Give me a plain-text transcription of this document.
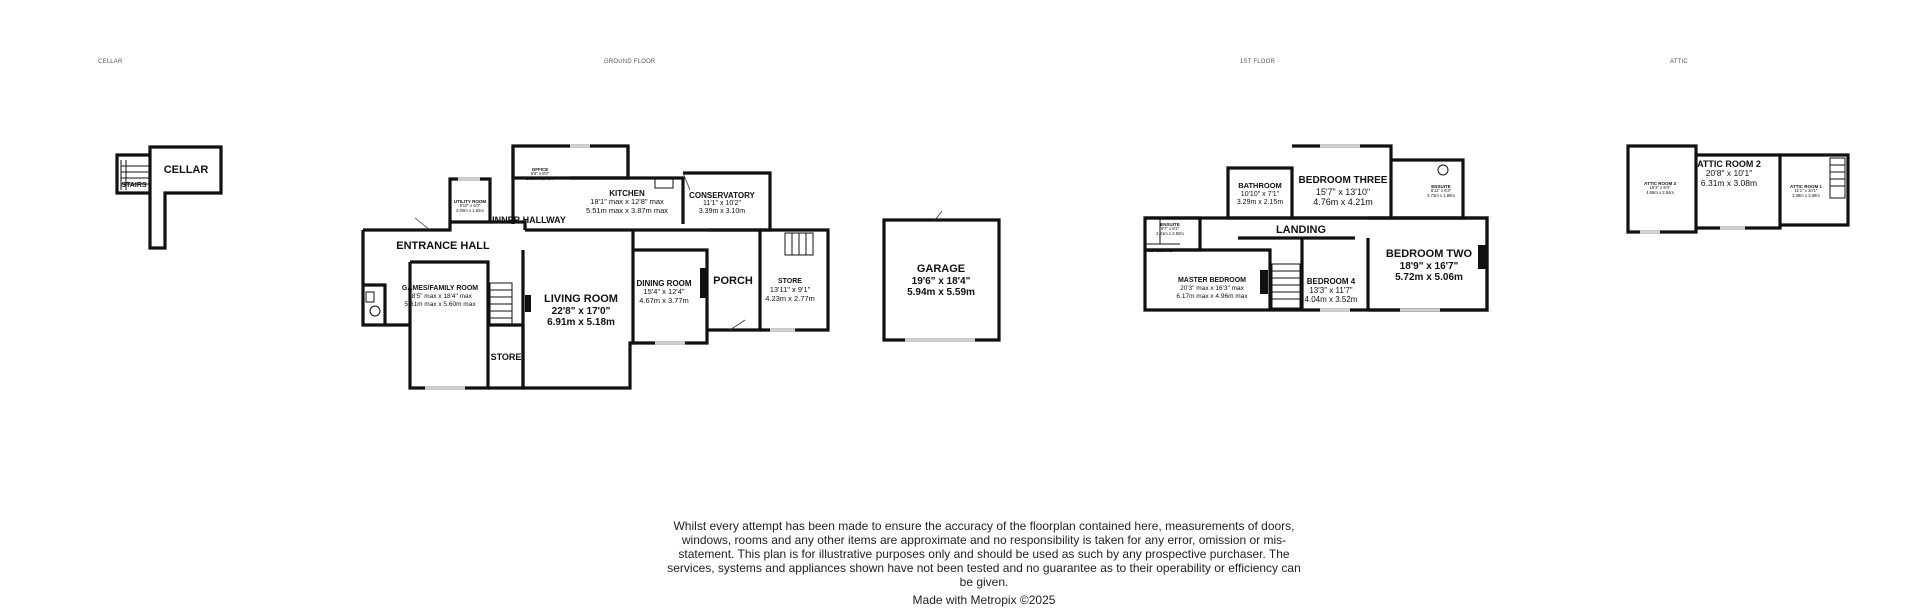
CELLAR	GROUND FLOOR	1ST FLOOR	ATTIC
CELLAR
STAIRS
OFFICE
8'6" x 8'0"
2.60m x 2.43m
KITCHEN
18'1" max x 12'8" max
5.51m max x 3.87m max
UTILITY ROOM
9'10" x 6'0"
3.00m x 1.82m
INNER HALLWAY
CONSERVATORY
11'1" x 10'2"
3.39m x 3.10m
ENTRANCE HALL
GAMES/FAMILY ROOM
18'5" max x 18'4" max
5.61m max x 5.60m max	LIVING ROOM
22'8" x 17'0"
6.91m x 5.18m
DINING ROOM
15'4" x 12'4"
4.67m x 3.77m
PORCH	STORE
13'11" x 9'1"
4.23m x 2.77m
STORE
GARAGE
19'6" x 18'4"
5.94m x 5.59m
BATHROOM
10'10" x 7'1"
3.29m x 2.15m
BEDROOM THREE
15'7" x 13'10"
4.76m x 4.21m
ENSUITE
8'11" x 6'3"
2.73m x 1.90m
ENSUITE
9'7" x 8'2"
2.91m x 2.50m
CUPBOARD
LANDING
MASTER BEDROOM
20'3" max x 16'3" max
6.17m max x 4.96m max
BEDROOM 4
13'3" x 11'7"
4.04m x 3.52m
BEDROOM TWO
18'9" x 16'7"
5.72m x 5.06m
ATTIC ROOM 3
15'3" x 9'4"
4.66m x 2.84m
ATTIC ROOM 2
20'8" x 10'1"
6.31m x 3.08m	ATTIC ROOM 1
11'1" x 10'1"
3.38m x 3.08m
Whilst every attempt has been made to ensure the accuracy of the floorplan contained here, measurements of doors, windows, rooms and any other items are approximate and no responsibility is taken for any error, omission or mis-statement. This plan is for illustrative purposes only and should be used as such by any prospective purchaser. The services, systems and appliances shown have not been tested and no guarantee as to their operability or efficiency can be given.
Made with Metropix ©2025
